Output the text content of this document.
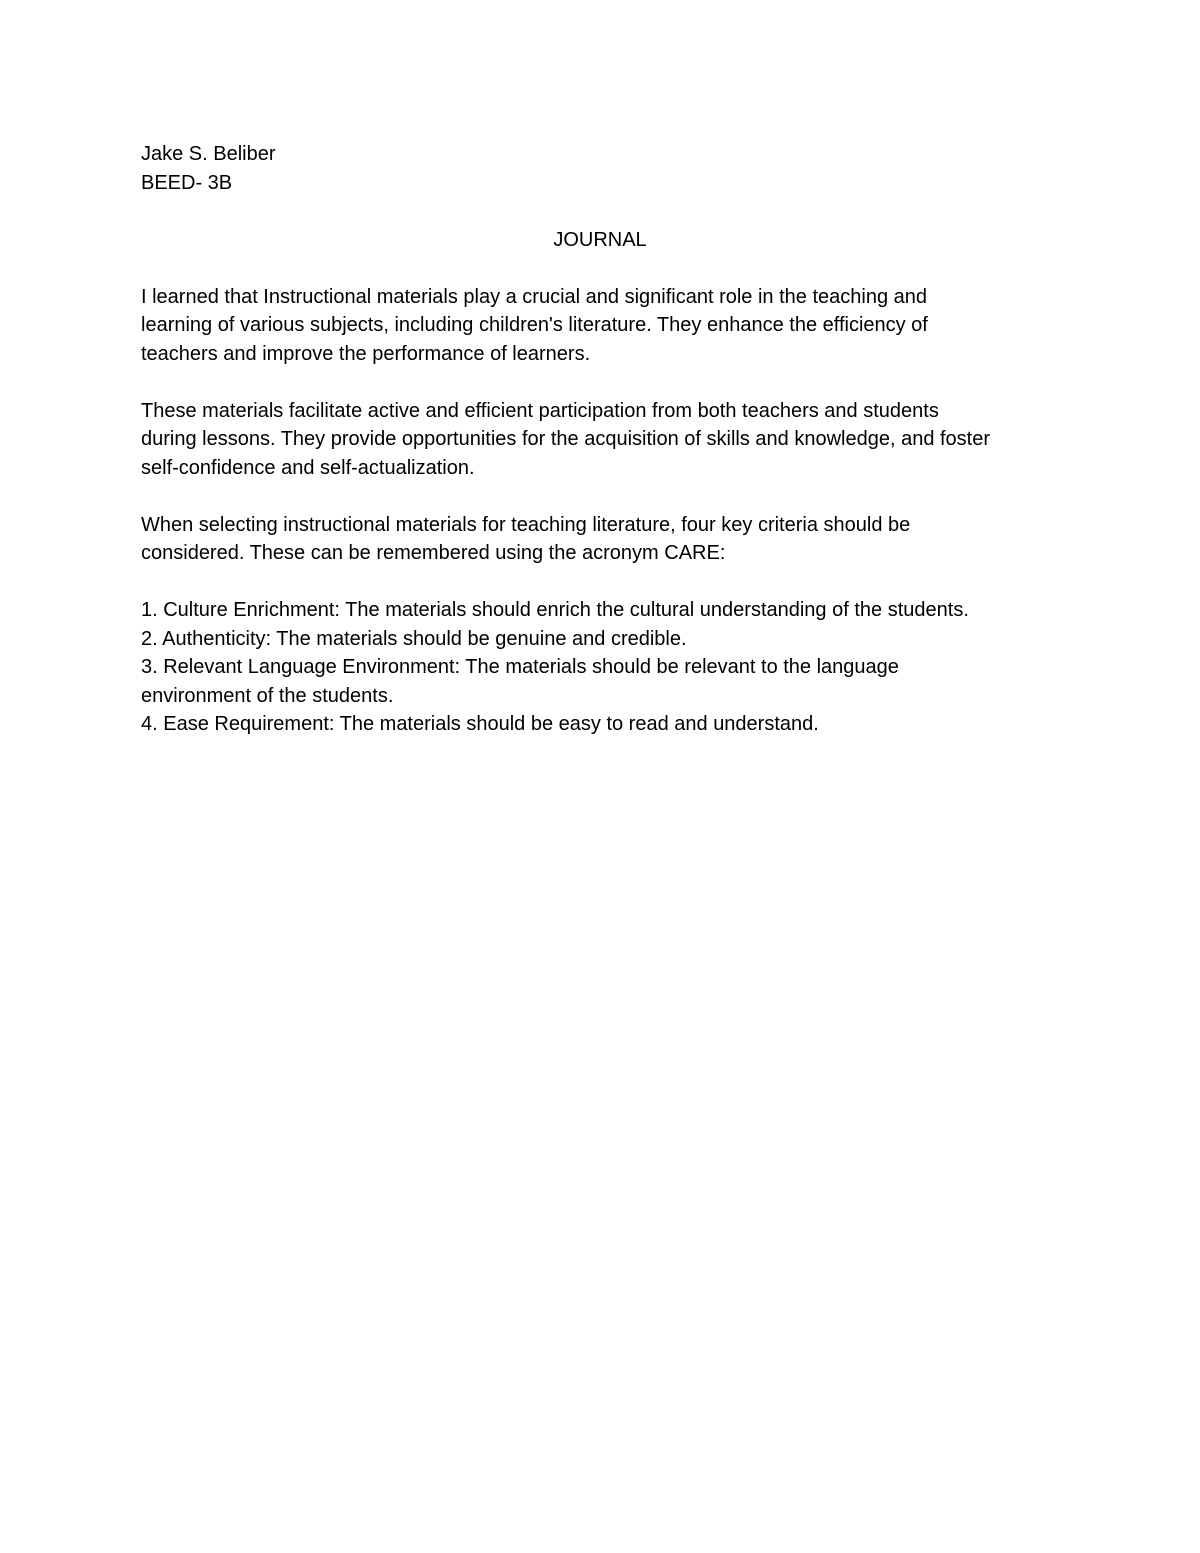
Jake S. Beliber

BEED- 3B

JOURNAL

I learned that Instructional materials play a crucial and significant role in the teaching and

learning of various subjects, including children's literature. They enhance the efficiency of

teachers and improve the performance of learners.

These materials facilitate active and efficient participation from both teachers and students

during lessons. They provide opportunities for the acquisition of skills and knowledge, and foster

self-confidence and self-actualization.

When selecting instructional materials for teaching literature, four key criteria should be

considered. These can be remembered using the acronym CARE:

1. Culture Enrichment: The materials should enrich the cultural understanding of the students.

2. Authenticity: The materials should be genuine and credible.

3. Relevant Language Environment: The materials should be relevant to the language

environment of the students.

4. Ease Requirement: The materials should be easy to read and understand.
